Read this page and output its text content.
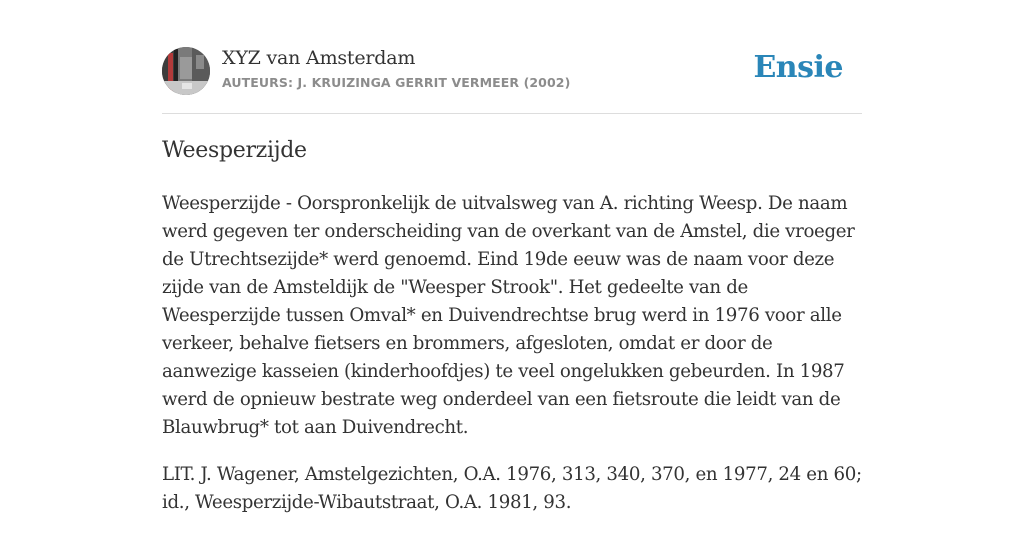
XYZ van Amsterdam
AUTEURS: J. KRUIZINGA GERRIT VERMEER (2002)	Ensie
Weesperzijde

Weesperzijde - Oorspronkelijk de uitvalsweg van A. richting Weesp. De naam werd gegeven ter onderscheiding van de overkant van de Amstel, die vroeger de Utrechtsezijde* werd genoemd. Eind 19de eeuw was de naam voor deze zijde van de Amsteldijk de "Weesper Strook". Het gedeelte van de Weesperzijde tussen Omval* en Duivendrechtse brug werd in 1976 voor alle verkeer, behalve fietsers en brommers, afgesloten, omdat er door de aanwezige kasseien (kinderhoofdjes) te veel ongelukken gebeurden. In 1987 werd de opnieuw bestrate weg onderdeel van een fietsroute die leidt van de Blauwbrug* tot aan Duivendrecht.

LIT. J. Wagener, Amstelgezichten, O.A. 1976, 313, 340, 370, en 1977, 24 en 60; id., Weesperzijde-Wibautstraat, O.A. 1981, 93.
